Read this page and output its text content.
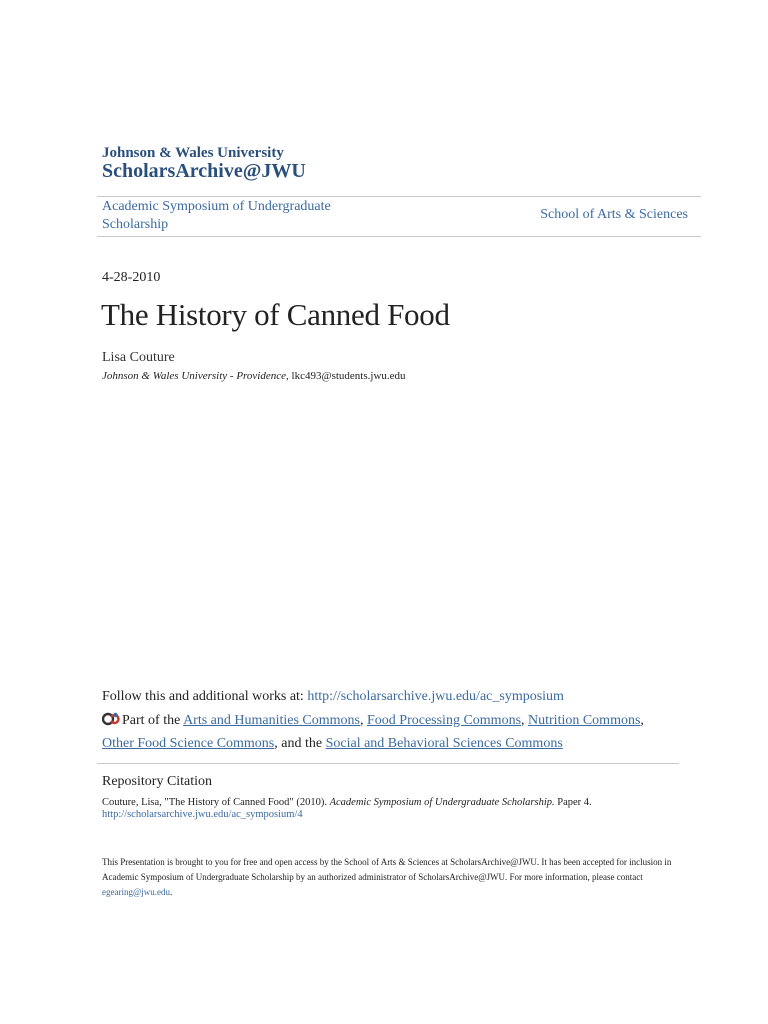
Johnson & Wales University
ScholarsArchive@JWU
Academic Symposium of Undergraduate Scholarship
School of Arts & Sciences
4-28-2010
The History of Canned Food
Lisa Couture
Johnson & Wales University - Providence, lkc493@students.jwu.edu
Follow this and additional works at: http://scholarsarchive.jwu.edu/ac_symposium
Part of the Arts and Humanities Commons, Food Processing Commons, Nutrition Commons,
Other Food Science Commons, and the Social and Behavioral Sciences Commons
Repository Citation
Couture, Lisa, "The History of Canned Food" (2010). Academic Symposium of Undergraduate Scholarship. Paper 4.
http://scholarsarchive.jwu.edu/ac_symposium/4
This Presentation is brought to you for free and open access by the School of Arts & Sciences at ScholarsArchive@JWU. It has been accepted for inclusion in Academic Symposium of Undergraduate Scholarship by an authorized administrator of ScholarsArchive@JWU. For more information, please contact egearing@jwu.edu.
